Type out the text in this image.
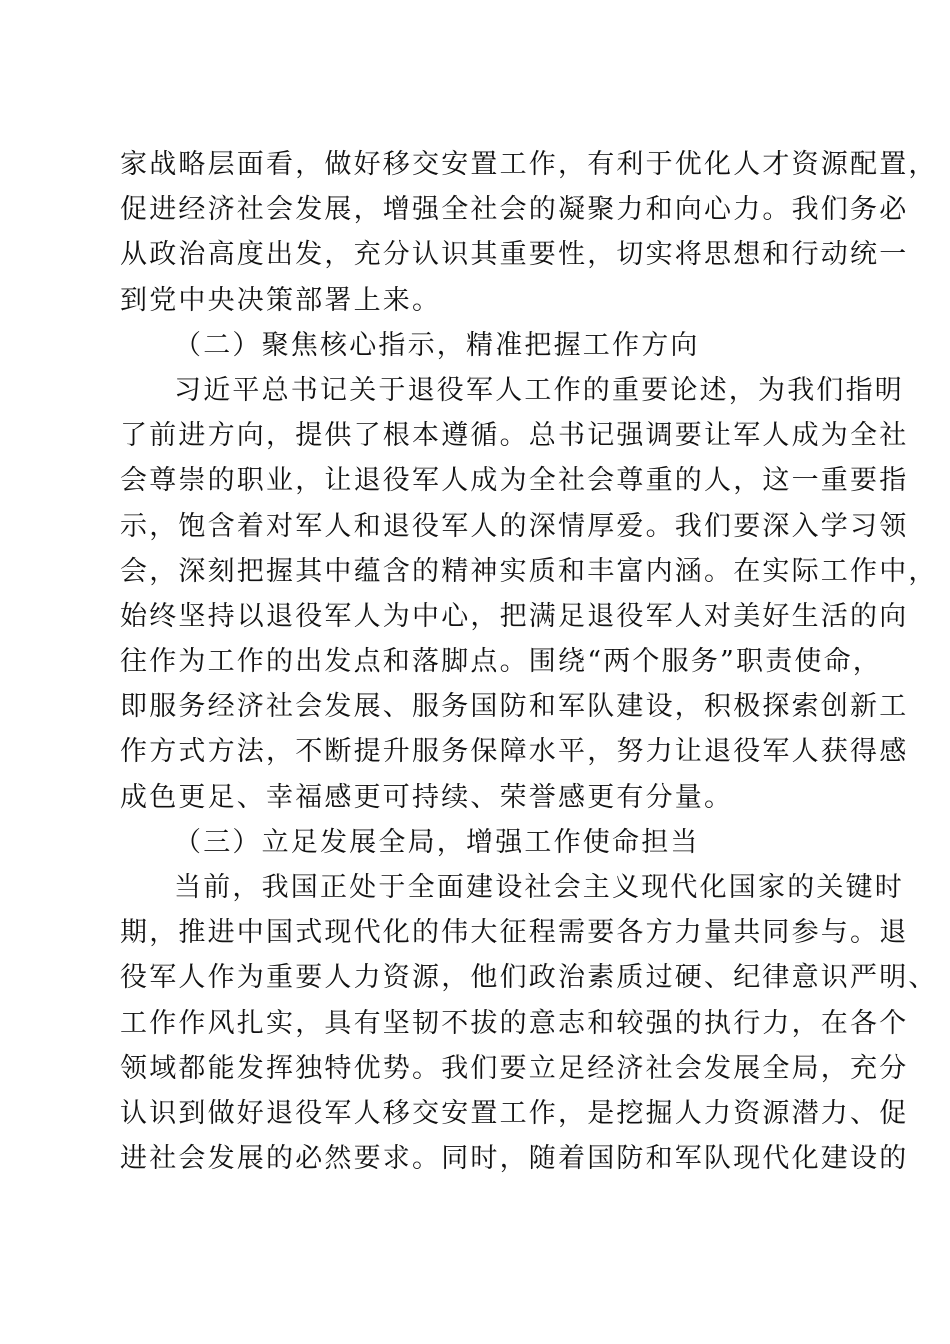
家战略层面看，做好移交安置工作，有利于优化人才资源配置，
促进经济社会发展，增强全社会的凝聚力和向心力。我们务必
从政治高度出发，充分认识其重要性，切实将思想和行动统一
到党中央决策部署上来。
（二）聚焦核心指示，精准把握工作方向
习近平总书记关于退役军人工作的重要论述，为我们指明
了前进方向，提供了根本遵循。总书记强调要让军人成为全社
会尊崇的职业，让退役军人成为全社会尊重的人，这一重要指
示，饱含着对军人和退役军人的深情厚爱。我们要深入学习领
会，深刻把握其中蕴含的精神实质和丰富内涵。在实际工作中，
始终坚持以退役军人为中心，把满足退役军人对美好生活的向
往作为工作的出发点和落脚点。围绕“两个服务”职责使命，
即服务经济社会发展、服务国防和军队建设，积极探索创新工
作方式方法，不断提升服务保障水平，努力让退役军人获得感
成色更足、幸福感更可持续、荣誉感更有分量。
（三）立足发展全局，增强工作使命担当
当前，我国正处于全面建设社会主义现代化国家的关键时
期，推进中国式现代化的伟大征程需要各方力量共同参与。退
役军人作为重要人力资源，他们政治素质过硬、纪律意识严明、
工作作风扎实，具有坚韧不拔的意志和较强的执行力，在各个
领域都能发挥独特优势。我们要立足经济社会发展全局，充分
认识到做好退役军人移交安置工作，是挖掘人力资源潜力、促
进社会发展的必然要求。同时，随着国防和军队现代化建设的
